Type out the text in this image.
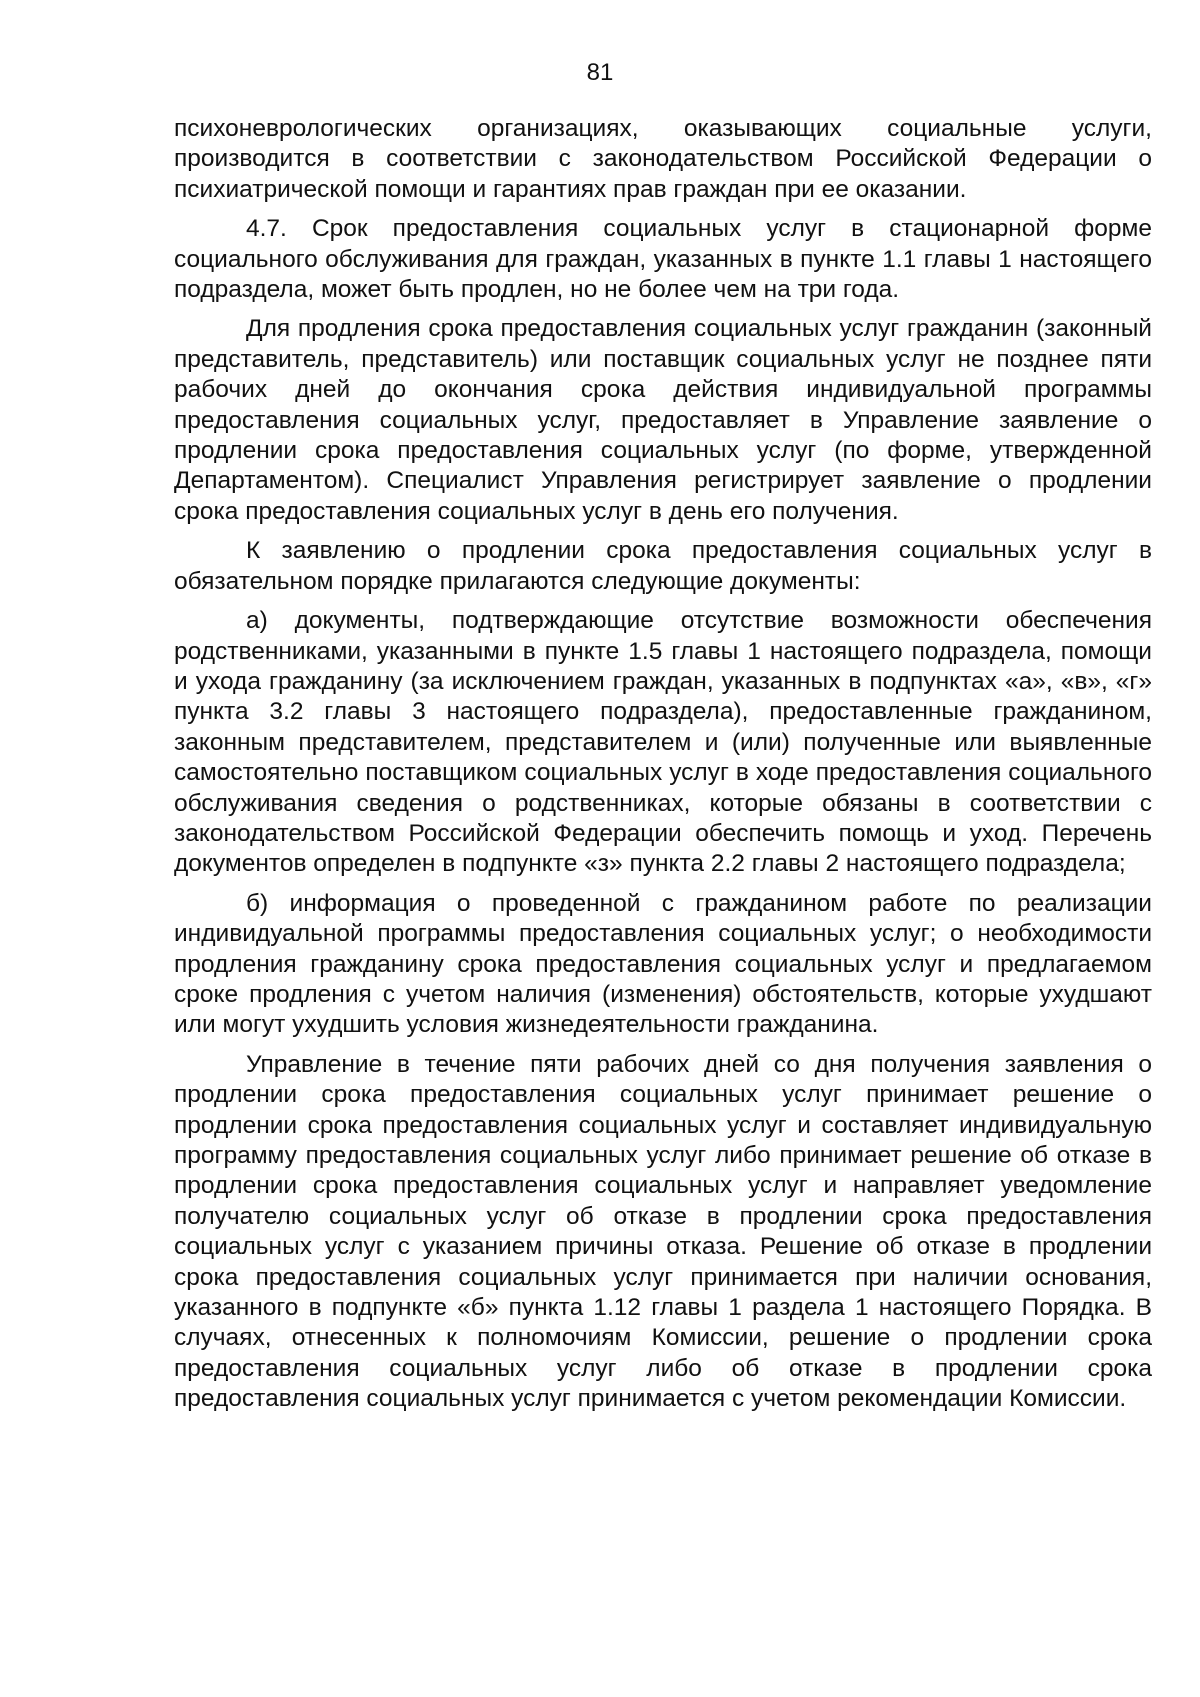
81

психоневрологических организациях, оказывающих социальные услуги, производится в соответствии с законодательством Российской Федерации о психиатрической помощи и гарантиях прав граждан при ее оказании.

4.7. Срок предоставления социальных услуг в стационарной форме социального обслуживания для граждан, указанных в пункте 1.1 главы 1 настоящего подраздела, может быть продлен, но не более чем на три года.

Для продления срока предоставления социальных услуг гражданин (законный представитель, представитель) или поставщик социальных услуг не позднее пяти рабочих дней до окончания срока действия индивидуальной программы предоставления социальных услуг, предоставляет в Управление заявление о продлении срока предоставления социальных услуг (по форме, утвержденной Департаментом). Специалист Управления регистрирует заявление о продлении срока предоставления социальных услуг в день его получения.

К заявлению о продлении срока предоставления социальных услуг в обязательном порядке прилагаются следующие документы:

а) документы, подтверждающие отсутствие возможности обеспечения родственниками, указанными в пункте 1.5 главы 1 настоящего подраздела, помощи и ухода гражданину (за исключением граждан, указанных в подпунктах «а», «в», «г» пункта 3.2 главы 3 настоящего подраздела), предоставленные гражданином, законным представителем, представителем и (или) полученные или выявленные самостоятельно поставщиком социальных услуг в ходе предоставления социального обслуживания сведения о родственниках, которые обязаны в соответствии с законодательством Российской Федерации обеспечить помощь и уход. Перечень документов определен в подпункте «з» пункта 2.2 главы 2 настоящего подраздела;

б) информация о проведенной с гражданином работе по реализации индивидуальной программы предоставления социальных услуг; о необходимости продления гражданину срока предоставления социальных услуг и предлагаемом сроке продления с учетом наличия (изменения) обстоятельств, которые ухудшают или могут ухудшить условия жизнедеятельности гражданина.

Управление в течение пяти рабочих дней со дня получения заявления о продлении срока предоставления социальных услуг принимает решение о продлении срока предоставления социальных услуг и составляет индивидуальную программу предоставления социальных услуг либо принимает решение об отказе в продлении срока предоставления социальных услуг и направляет уведомление получателю социальных услуг об отказе в продлении срока предоставления социальных услуг с указанием причины отказа. Решение об отказе в продлении срока предоставления социальных услуг принимается при наличии основания, указанного в подпункте «б» пункта 1.12 главы 1 раздела 1 настоящего Порядка. В случаях, отнесенных к полномочиям Комиссии, решение о продлении срока предоставления социальных услуг либо об отказе в продлении срока предоставления социальных услуг принимается с учетом рекомендации Комиссии.
